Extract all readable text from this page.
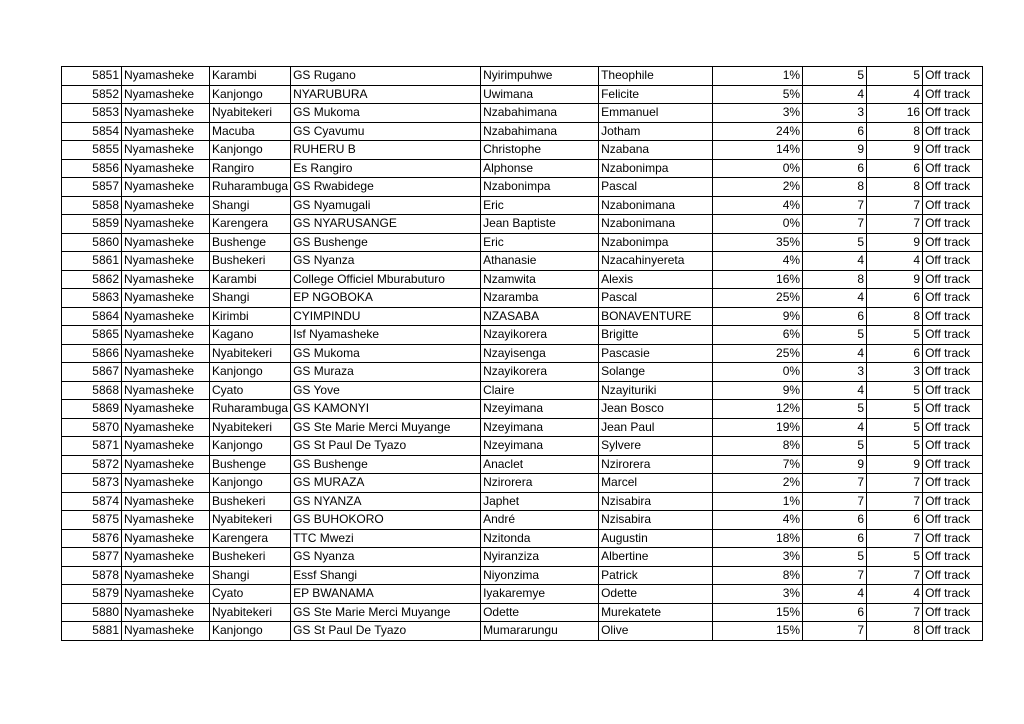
5851	Nyamasheke	Karambi	GS Rugano	Nyirimpuhwe	Theophile	1%	5	5	Off track
5852	Nyamasheke	Kanjongo	NYARUBURA	Uwimana	Felicite	5%	4	4	Off track
5853	Nyamasheke	Nyabitekeri	GS Mukoma	Nzabahimana	Emmanuel	3%	3	16	Off track
5854	Nyamasheke	Macuba	GS Cyavumu	Nzabahimana	Jotham	24%	6	8	Off track
5855	Nyamasheke	Kanjongo	RUHERU B	Christophe	Nzabana	14%	9	9	Off track
5856	Nyamasheke	Rangiro	Es Rangiro	Alphonse	Nzabonimpa	0%	6	6	Off track
5857	Nyamasheke	Ruharambuga	GS Rwabidege	Nzabonimpa	Pascal	2%	8	8	Off track
5858	Nyamasheke	Shangi	GS Nyamugali	Eric	Nzabonimana	4%	7	7	Off track
5859	Nyamasheke	Karengera	GS NYARUSANGE	Jean Baptiste	Nzabonimana	0%	7	7	Off track
5860	Nyamasheke	Bushenge	GS Bushenge	Eric	Nzabonimpa	35%	5	9	Off track
5861	Nyamasheke	Bushekeri	GS Nyanza	Athanasie	Nzacahinyereta	4%	4	4	Off track
5862	Nyamasheke	Karambi	College Officiel Mburabuturo	Nzamwita	Alexis	16%	8	9	Off track
5863	Nyamasheke	Shangi	EP NGOBOKA	Nzaramba	Pascal	25%	4	6	Off track
5864	Nyamasheke	Kirimbi	CYIMPINDU	NZASABA	BONAVENTURE	9%	6	8	Off track
5865	Nyamasheke	Kagano	Isf Nyamasheke	Nzayikorera	Brigitte	6%	5	5	Off track
5866	Nyamasheke	Nyabitekeri	GS Mukoma	Nzayisenga	Pascasie	25%	4	6	Off track
5867	Nyamasheke	Kanjongo	GS Muraza	Nzayikorera	Solange	0%	3	3	Off track
5868	Nyamasheke	Cyato	GS Yove	Claire	Nzayituriki	9%	4	5	Off track
5869	Nyamasheke	Ruharambuga	GS KAMONYI	Nzeyimana	Jean Bosco	12%	5	5	Off track
5870	Nyamasheke	Nyabitekeri	GS Ste Marie Merci Muyange	Nzeyimana	Jean Paul	19%	4	5	Off track
5871	Nyamasheke	Kanjongo	GS St Paul De Tyazo	Nzeyimana	Sylvere	8%	5	5	Off track
5872	Nyamasheke	Bushenge	GS Bushenge	Anaclet	Nzirorera	7%	9	9	Off track
5873	Nyamasheke	Kanjongo	GS MURAZA	Nzirorera	Marcel	2%	7	7	Off track
5874	Nyamasheke	Bushekeri	GS NYANZA	Japhet	Nzisabira	1%	7	7	Off track
5875	Nyamasheke	Nyabitekeri	GS BUHOKORO	André	Nzisabira	4%	6	6	Off track
5876	Nyamasheke	Karengera	TTC Mwezi	Nzitonda	Augustin	18%	6	7	Off track
5877	Nyamasheke	Bushekeri	GS Nyanza	Nyiranziza	Albertine	3%	5	5	Off track
5878	Nyamasheke	Shangi	Essf Shangi	Niyonzima	Patrick	8%	7	7	Off track
5879	Nyamasheke	Cyato	EP BWANAMA	Iyakaremye	Odette	3%	4	4	Off track
5880	Nyamasheke	Nyabitekeri	GS Ste Marie Merci Muyange	Odette	Murekatete	15%	6	7	Off track
5881	Nyamasheke	Kanjongo	GS St Paul De Tyazo	Mumararungu	Olive	15%	7	8	Off track
